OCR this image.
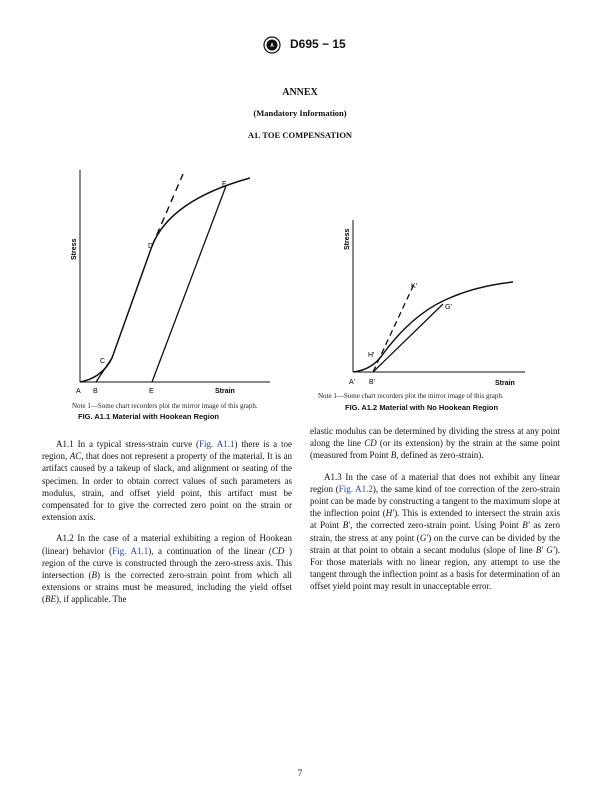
A D695 − 15
ANNEX
(Mandatory Information)
A1. TOE COMPENSATION
Stress
Strain
A B
C
D
E
F
Note 1—Some chart recorders plot the mirror image of this graph.
FIG. A1.1 Material with Hookean Region
Stress
Strain
A′ B′
H′
K′
G′
Note 1—Some chart recorders plot the mirror image of this graph.
FIG. A1.2 Material with No Hookean Region

A1.1 In a typical stress-strain curve (Fig. A1.1) there is a toe region, AC, that does not represent a property of the material. It is an artifact caused by a takeup of slack, and alignment or seating of the specimen. In order to obtain correct values of such parameters as modulus, strain, and offset yield point, this artifact must be compensated for to give the corrected zero point on the strain or extension axis.

A1.2 In the case of a material exhibiting a region of Hookean (linear) behavior (Fig. A1.1), a continuation of the linear (CD ) region of the curve is constructed through the zero-stress axis. This intersection (B) is the corrected zero-strain point from which all extensions or strains must be measured, including the yield offset (BE), if applicable. The

elastic modulus can be determined by dividing the stress at any point along the line CD (or its extension) by the strain at the same point (measured from Point B, defined as zero-strain).

A1.3 In the case of a material that does not exhibit any linear region (Fig. A1.2), the same kind of toe correction of the zero-strain point can be made by constructing a tangent to the maximum slope at the inflection point (H′). This is extended to intersect the strain axis at Point B′, the corrected zero-strain point. Using Point B′ as zero strain, the stress at any point (G′) on the curve can be divided by the strain at that point to obtain a secant modulus (slope of line B′ G′). For those materials with no linear region, any attempt to use the tangent through the inflection point as a basis for determination of an offset yield point may result in unacceptable error.

7
